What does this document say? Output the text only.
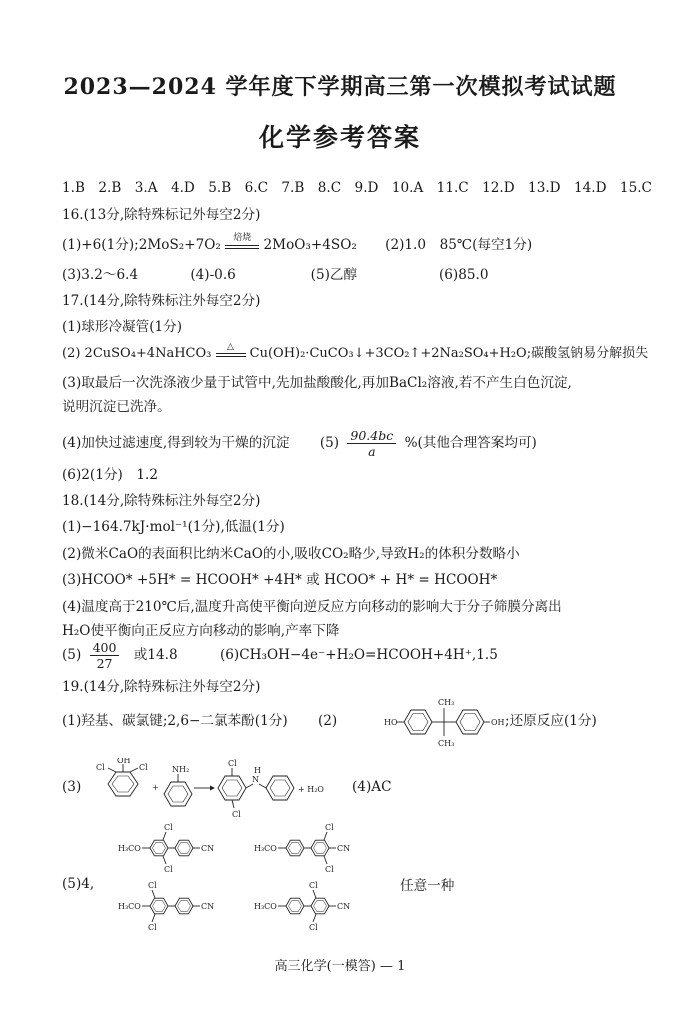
2023—2024 学年度下学期高三第一次模拟考试试题
化学参考答案
1.B 2.B 3.A 4.D 5.B 6.C 7.B 8.C 9.D 10.A 11.C 12.D 13.D 14.D 15.C
16.(13分,除特殊标记外每空2分)
(1)+6(1分);2MoS₂+7O₂	焙烧 2MoO₃+4SO₂ (2)1.0　85℃(每空1分)
(3)3.2～6.4	(4)-0.6	(5)乙醇	(6)85.0
17.(14分,除特殊标注外每空2分)
(1)球形冷凝管(1分)
(2) 2CuSO₄+4NaHCO₃	△	Cu(OH)₂·CuCO₃↓+3CO₂↑+2Na₂SO₄+H₂O;碳酸氢钠易分解损失
(3)取最后一次洗涤液少量于试管中,先加盐酸酸化,再加BaCl₂溶液,若不产生白色沉淀,
说明沉淀已洗净。
(4)加快过滤速度,得到较为干燥的沉淀 $(5) \frac{90.4bc}{a}$ %(其他合理答案均可)
(6)2(1分)　1.2
18.(14分,除特殊标注外每空2分)
(1)−164.7kJ·mol⁻¹(1分),低温(1分)
(2)微米CaO的表面积比纳米CaO的小,吸收CO₂略少,导致H₂的体积分数略小
(3)HCOO* +5H* = HCOOH* +4H* 或 HCOO* + H* = HCOOH*
(4)温度高于210℃后,温度升高使平衡向逆反应方向移动的影响大于分子筛膜分离出
H₂O使平衡向正反应方向移动的影响,产率下降
$(5) \frac{400}{27}$ 或14.8	(6)CH₃OH−4e⁻+H₂O=HCOOH+4H⁺,1.5
19.(14分,除特殊标注外每空2分)
(1)羟基、碳氯键;2,6−二氯苯酚(1分) (2)	HO
CH₃
CH₃
OH ;还原反应(1分)
(3)
OH
Cl	Cl
+
NH₂
Cl
Cl
N
H
+ H₂O (4)AC
(5)4,
H₃CO	CN
Cl
Cl
H₃CO	CN
Cl
Cl
H₃CO	CN
Cl
Cl
H₃CO	CN
Cl
Cl
任意一种
高三化学(一模答) — 1
